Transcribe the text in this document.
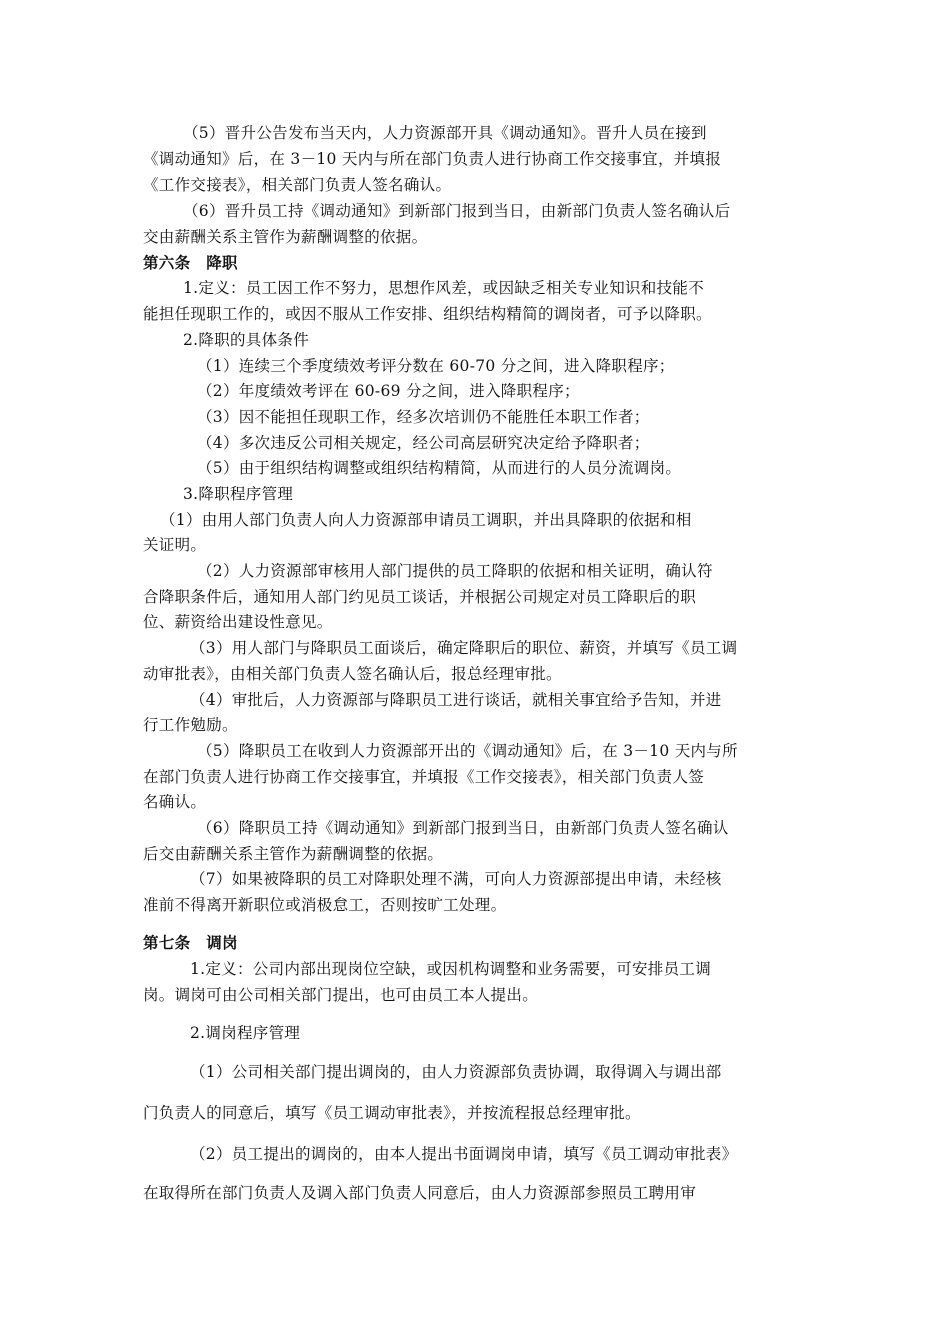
（5）晋升公告发布当天内，人力资源部开具《调动通知》。晋升人员在接到
《调动通知》后，在 3－10 天内与所在部门负责人进行协商工作交接事宜，并填报
《工作交接表》，相关部门负责人签名确认。
（6）晋升员工持《调动通知》到新部门报到当日，由新部门负责人签名确认后
交由薪酬关系主管作为薪酬调整的依据。
第六条　降职
1.定义：员工因工作不努力，思想作风差，或因缺乏相关专业知识和技能不
能担任现职工作的，或因不服从工作安排、组织结构精简的调岗者，可予以降职。
2.降职的具体条件
（1）连续三个季度绩效考评分数在 60-70 分之间，进入降职程序；
（2）年度绩效考评在 60-69 分之间，进入降职程序；
（3）因不能担任现职工作，经多次培训仍不能胜任本职工作者；
（4）多次违反公司相关规定，经公司高层研究决定给予降职者；
（5）由于组织结构调整或组织结构精简，从而进行的人员分流调岗。
3.降职程序管理
（1）由用人部门负责人向人力资源部申请员工调职，并出具降职的依据和相
关证明。
（2）人力资源部审核用人部门提供的员工降职的依据和相关证明，确认符
合降职条件后，通知用人部门约见员工谈话，并根据公司规定对员工降职后的职
位、薪资给出建设性意见。
（3）用人部门与降职员工面谈后，确定降职后的职位、薪资，并填写《员工调
动审批表》，由相关部门负责人签名确认后，报总经理审批。
（4）审批后，人力资源部与降职员工进行谈话，就相关事宜给予告知，并进
行工作勉励。
（5）降职员工在收到人力资源部开出的《调动通知》后，在 3－10 天内与所
在部门负责人进行协商工作交接事宜，并填报《工作交接表》，相关部门负责人签
名确认。
（6）降职员工持《调动通知》到新部门报到当日，由新部门负责人签名确认
后交由薪酬关系主管作为薪酬调整的依据。
（7）如果被降职的员工对降职处理不满，可向人力资源部提出申请，未经核
准前不得离开新职位或消极怠工，否则按旷工处理。
第七条　调岗
1.定义：公司内部出现岗位空缺，或因机构调整和业务需要，可安排员工调
岗。调岗可由公司相关部门提出，也可由员工本人提出。
2.调岗程序管理
（1）公司相关部门提出调岗的，由人力资源部负责协调，取得调入与调出部
门负责人的同意后，填写《员工调动审批表》，并按流程报总经理审批。
（2）员工提出的调岗的，由本人提出书面调岗申请，填写《员工调动审批表》
在取得所在部门负责人及调入部门负责人同意后，由人力资源部参照员工聘用审
